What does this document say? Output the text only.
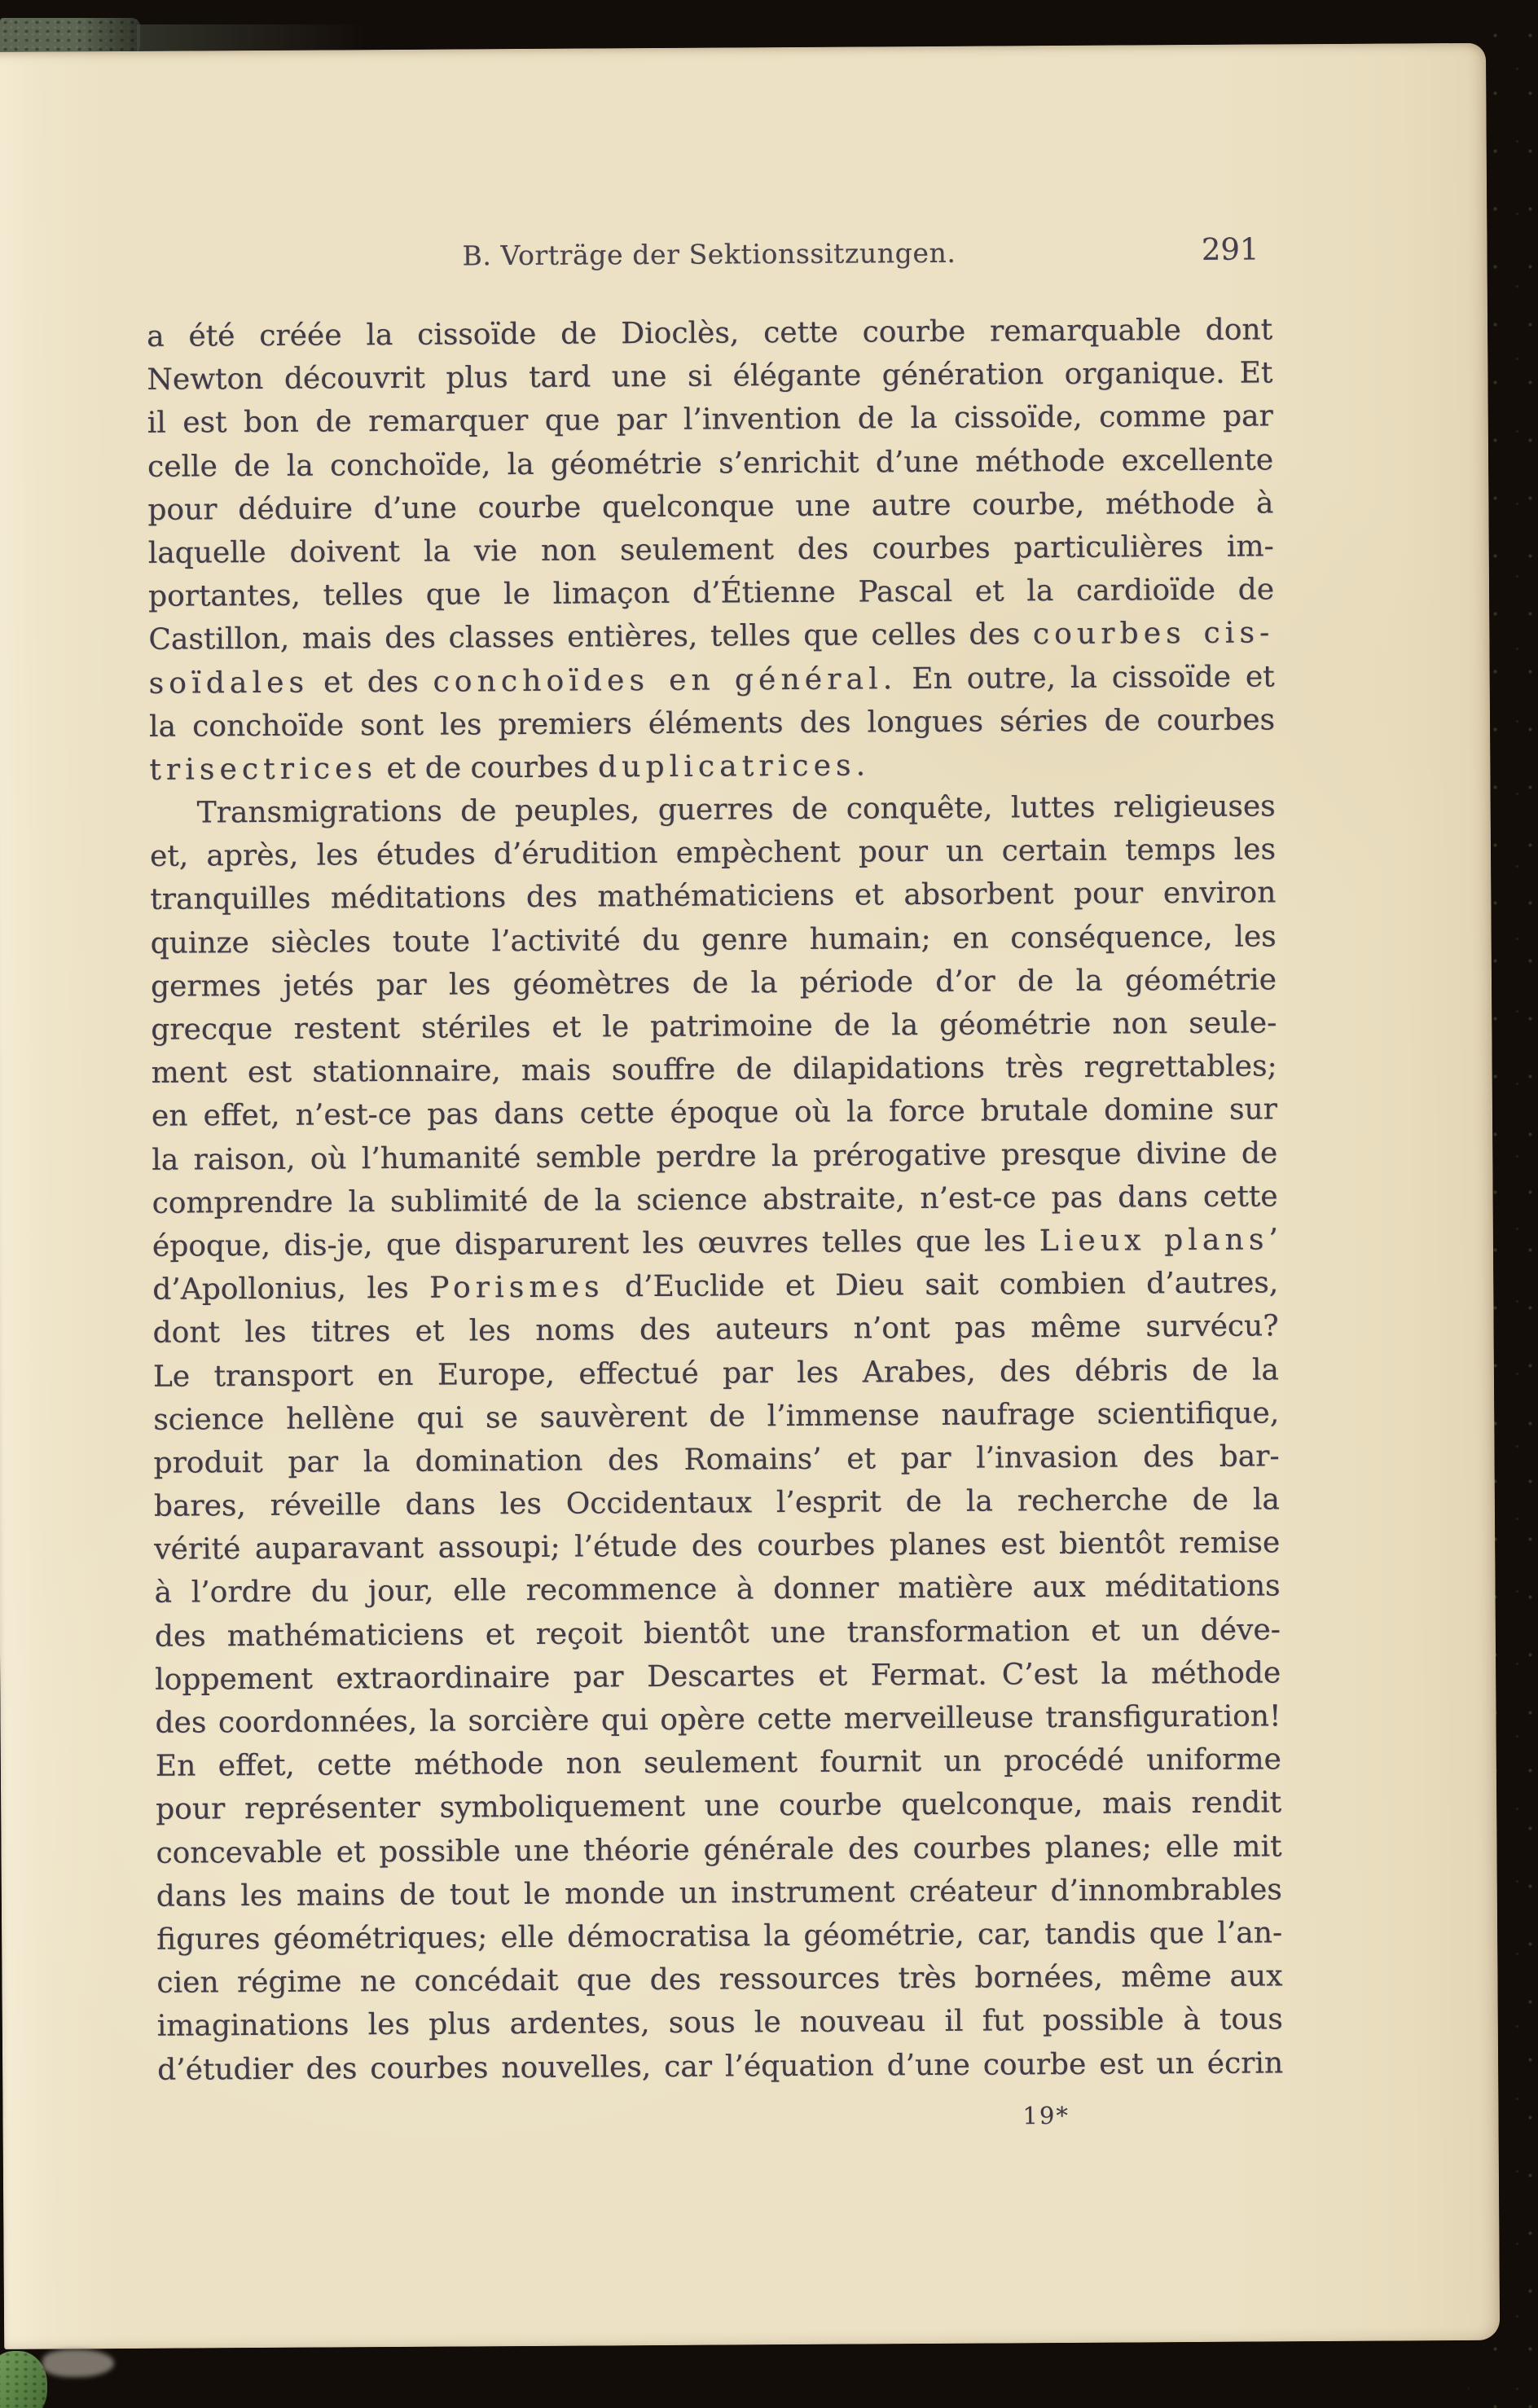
B. Vorträge der Sektionssitzungen.	291
a été créée la cissoïde de Dioclès, cette courbe remarquable dont
Newton découvrit plus tard une si élégante génération organique. Et
il est bon de remarquer que par l’invention de la cissoïde, comme par
celle de la conchoïde, la géométrie s’enrichit d’une méthode excellente
pour déduire d’une courbe quelconque une autre courbe, méthode à
laquelle doivent la vie non seulement des courbes particulières im-
portantes, telles que le limaçon d’Étienne Pascal et la cardioïde de
Castillon, mais des classes entières, telles que celles des courbes cis-
soïdales et des conchoïdes en général. En outre, la cissoïde et
la conchoïde sont les premiers éléments des longues séries de courbes
trisectrices et de courbes duplicatrices.
Transmigrations de peuples, guerres de conquête, luttes religieuses
et, après, les études d’érudition empèchent pour un certain temps les
tranquilles méditations des mathématiciens et absorbent pour environ
quinze siècles toute l’activité du genre humain; en conséquence, les
germes jetés par les géomètres de la période d’or de la géométrie
grecque restent stériles et le patrimoine de la géométrie non seule-
ment est stationnaire, mais souffre de dilapidations très regrettables;
en effet, n’est-ce pas dans cette époque où la force brutale domine sur
la raison, où l’humanité semble perdre la prérogative presque divine de
comprendre la sublimité de la science abstraite, n’est-ce pas dans cette
époque, dis-je, que disparurent les œuvres telles que les Lieux plans’
d’Apollonius, les Porismes d’Euclide et Dieu sait combien d’autres,
dont les titres et les noms des auteurs n’ont pas même survécu?
Le transport en Europe, effectué par les Arabes, des débris de la
science hellène qui se sauvèrent de l’immense naufrage scientifique,
produit par la domination des Romains’ et par l’invasion des bar-
bares, réveille dans les Occidentaux l’esprit de la recherche de la
vérité auparavant assoupi; l’étude des courbes planes est bientôt remise
à l’ordre du jour, elle recommence à donner matière aux méditations
des mathématiciens et reçoit bientôt une transformation et un déve-
loppement extraordinaire par Descartes et Fermat. C’est la méthode
des coordonnées, la sorcière qui opère cette merveilleuse transfiguration!
En effet, cette méthode non seulement fournit un procédé uniforme
pour représenter symboliquement une courbe quelconque, mais rendit
concevable et possible une théorie générale des courbes planes; elle mit
dans les mains de tout le monde un instrument créateur d’innombrables
figures géométriques; elle démocratisa la géométrie, car, tandis que l’an-
cien régime ne concédait que des ressources très bornées, même aux
imaginations les plus ardentes, sous le nouveau il fut possible à tous
d’étudier des courbes nouvelles, car l’équation d’une courbe est un écrin
19*
